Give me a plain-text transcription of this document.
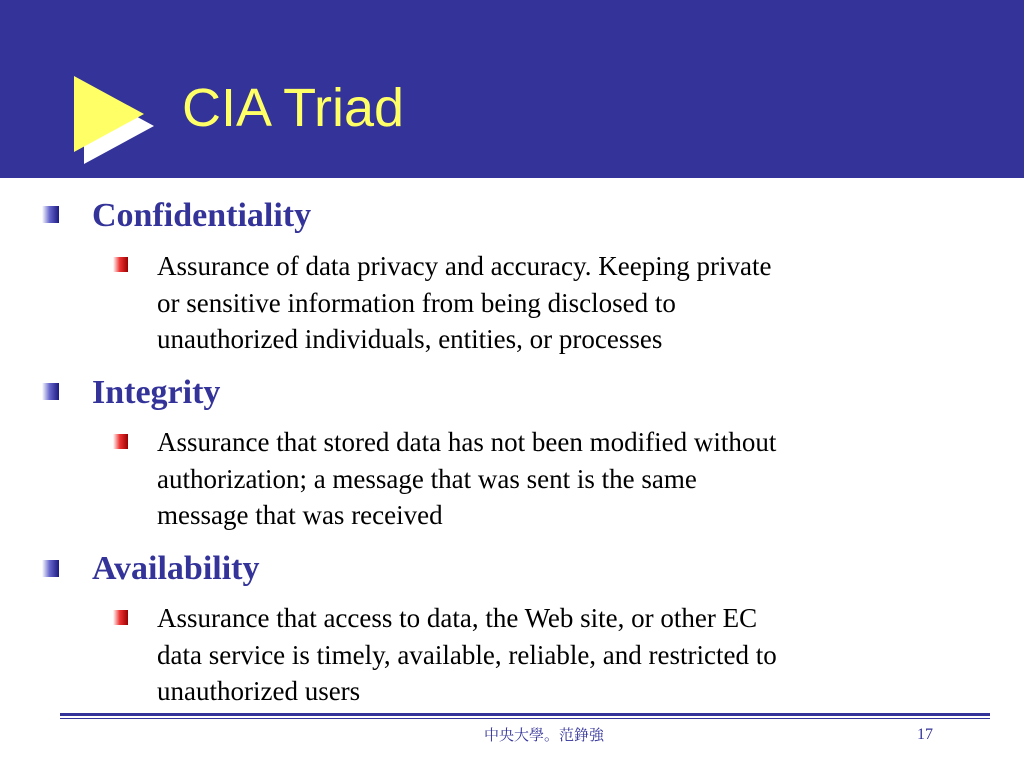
CIA Triad
Confidentiality

Assurance of data privacy and accuracy. Keeping private
or sensitive information from being disclosed to
unauthorized individuals, entities, or processes

Integrity

Assurance that stored data has not been modified without
authorization; a message that was sent is the same
message that was received

Availability

Assurance that access to data, the Web site, or other EC
data service is timely, available, reliable, and restricted to
unauthorized users

中央大學。范錚強	17
